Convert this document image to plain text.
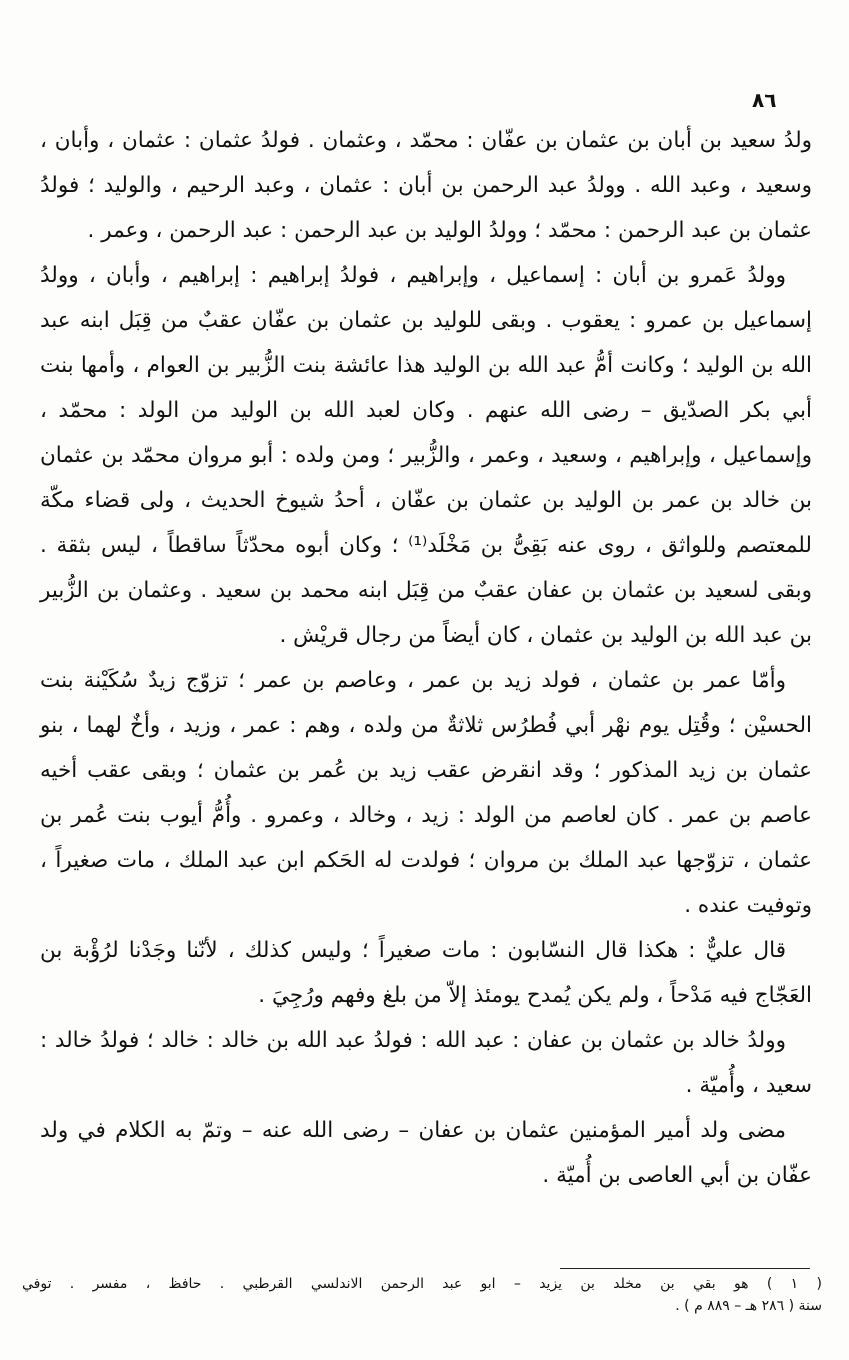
٨٦

ولدُ سعيد بن أبان بن عثمان بن عفّان : محمّد ، وعثمان . فولدُ عثمان : عثمان ، وأبان ، وسعيد ، وعبد الله . وولدُ عبد الرحمن بن أبان : عثمان ، وعبد الرحيم ، والوليد ؛ فولدُ عثمان بن عبد الرحمن : محمّد ؛ وولدُ الوليد بن عبد الرحمن : عبد الرحمن ، وعمر .

وولدُ عَمرو بن أبان : إسماعيل ، وإبراهيم ، فولدُ إبراهيم : إبراهيم ، وأبان ، وولدُ إسماعيل بن عمرو : يعقوب . وبقى للوليد بن عثمان بن عفّان عقبٌ من قِبَل ابنه عبد الله بن الوليد ؛ وكانت أمُّ عبد الله بن الوليد هذا عائشة بنت الزُّبير بن العوام ، وأمها بنت أبي بكر الصدّيق – رضى الله عنهم . وكان لعبد الله بن الوليد من الولد : محمّد ، وإسماعيل ، وإبراهيم ، وسعيد ، وعمر ، والزُّبير ؛ ومن ولده : أبو مروان محمّد بن عثمان بن خالد بن عمر بن الوليد بن عثمان بن عفّان ، أحدُ شيوخ الحديث ، ولى قضاء مكّة للمعتصم وللواثق ، روى عنه بَقِىُّ بن مَخْلَد⁽¹⁾ ؛ وكان أبوه محدّثاً ساقطاً ، ليس بثقة . وبقى لسعيد بن عثمان بن عفان عقبٌ من قِبَل ابنه محمد بن سعيد . وعثمان بن الزُّبير بن عبد الله بن الوليد بن عثمان ، كان أيضاً من رجال قريْش .

وأمّا عمر بن عثمان ، فولد زيد بن عمر ، وعاصم بن عمر ؛ تزوّج زيدٌ سُكَيْنة بنت الحسيْن ؛ وقُتِل يوم نهْر أبي فُطرُس ثلاثةٌ من ولده ، وهم : عمر ، وزيد ، وأخٌ لهما ، بنو عثمان بن زيد المذكور ؛ وقد انقرض عقب زيد بن عُمر بن عثمان ؛ وبقى عقب أخيه عاصم بن عمر . كان لعاصم من الولد : زيد ، وخالد ، وعمرو . وأُمُّ أيوب بنت عُمر بن عثمان ، تزوّجها عبد الملك بن مروان ؛ فولدت له الحَكم ابن عبد الملك ، مات صغيراً ، وتوفيت عنده .

قال عليٌّ : هكذا قال النسّابون : مات صغيراً ؛ وليس كذلك ، لأنّنا وجَدْنا لرُؤْبة بن العَجّاج فيه مَدْحاً ، ولم يكن يُمدح يومئذ إلاّ من بلغ وفهم ورُجِيَ .

وولدُ خالد بن عثمان بن عفان : عبد الله : فولدُ عبد الله بن خالد : خالد ؛ فولدُ خالد : سعيد ، وأُميّة .

مضى ولد أمير المؤمنين عثمان بن عفان – رضى الله عنه – وتمّ به الكلام في ولد عفّان بن أبي العاصى بن أُميّة .

( ١ ) هو بقي بن مخلد بن يزيد – ابو عبد الرحمن الاندلسي القرطبي . حافظ ، مفسر . توفي
سنة ( ٢٨٦ هـ – ٨٨٩ م ) .
